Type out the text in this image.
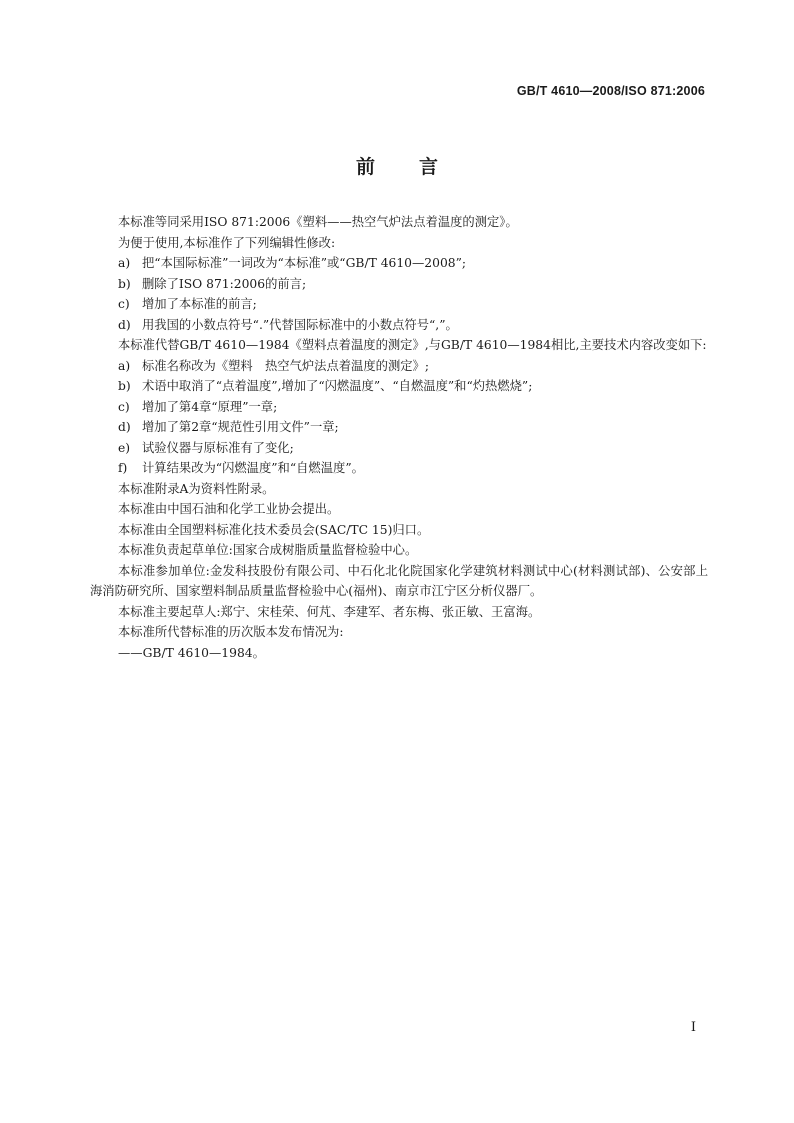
GB/T 4610—2008/ISO 871:2006
前言

本标准等同采用ISO 871:2006《塑料——热空气炉法点着温度的测定》。

为便于使用,本标准作了下列编辑性修改:

a) 把“本国际标准”一词改为“本标准”或“GB/T 4610—2008”;

b) 删除了ISO 871:2006的前言;

c) 增加了本标准的前言;

d) 用我国的小数点符号“.”代替国际标准中的小数点符号“,”。

本标准代替GB/T 4610—1984《塑料点着温度的测定》,与GB/T 4610—1984相比,主要技术内容改变如下:

a) 标准名称改为《塑料　热空气炉法点着温度的测定》;

b) 术语中取消了“点着温度”,增加了“闪燃温度”、“自燃温度”和“灼热燃烧”;

c) 增加了第4章“原理”一章;

d) 增加了第2章“规范性引用文件”一章;

e) 试验仪器与原标准有了变化;

f) 计算结果改为“闪燃温度”和“自燃温度”。

本标准附录A为资料性附录。

本标准由中国石油和化学工业协会提出。

本标准由全国塑料标准化技术委员会(SAC/TC 15)归口。

本标准负责起草单位:国家合成树脂质量监督检验中心。

本标准参加单位:金发科技股份有限公司、中石化北化院国家化学建筑材料测试中心(材料测试部)、公安部上海消防研究所、国家塑料制品质量监督检验中心(福州)、南京市江宁区分析仪器厂。

本标准主要起草人:郑宁、宋桂荣、何芃、李建军、者东梅、张正敏、王富海。

本标准所代替标准的历次版本发布情况为:

——GB/T 4610—1984。

I
